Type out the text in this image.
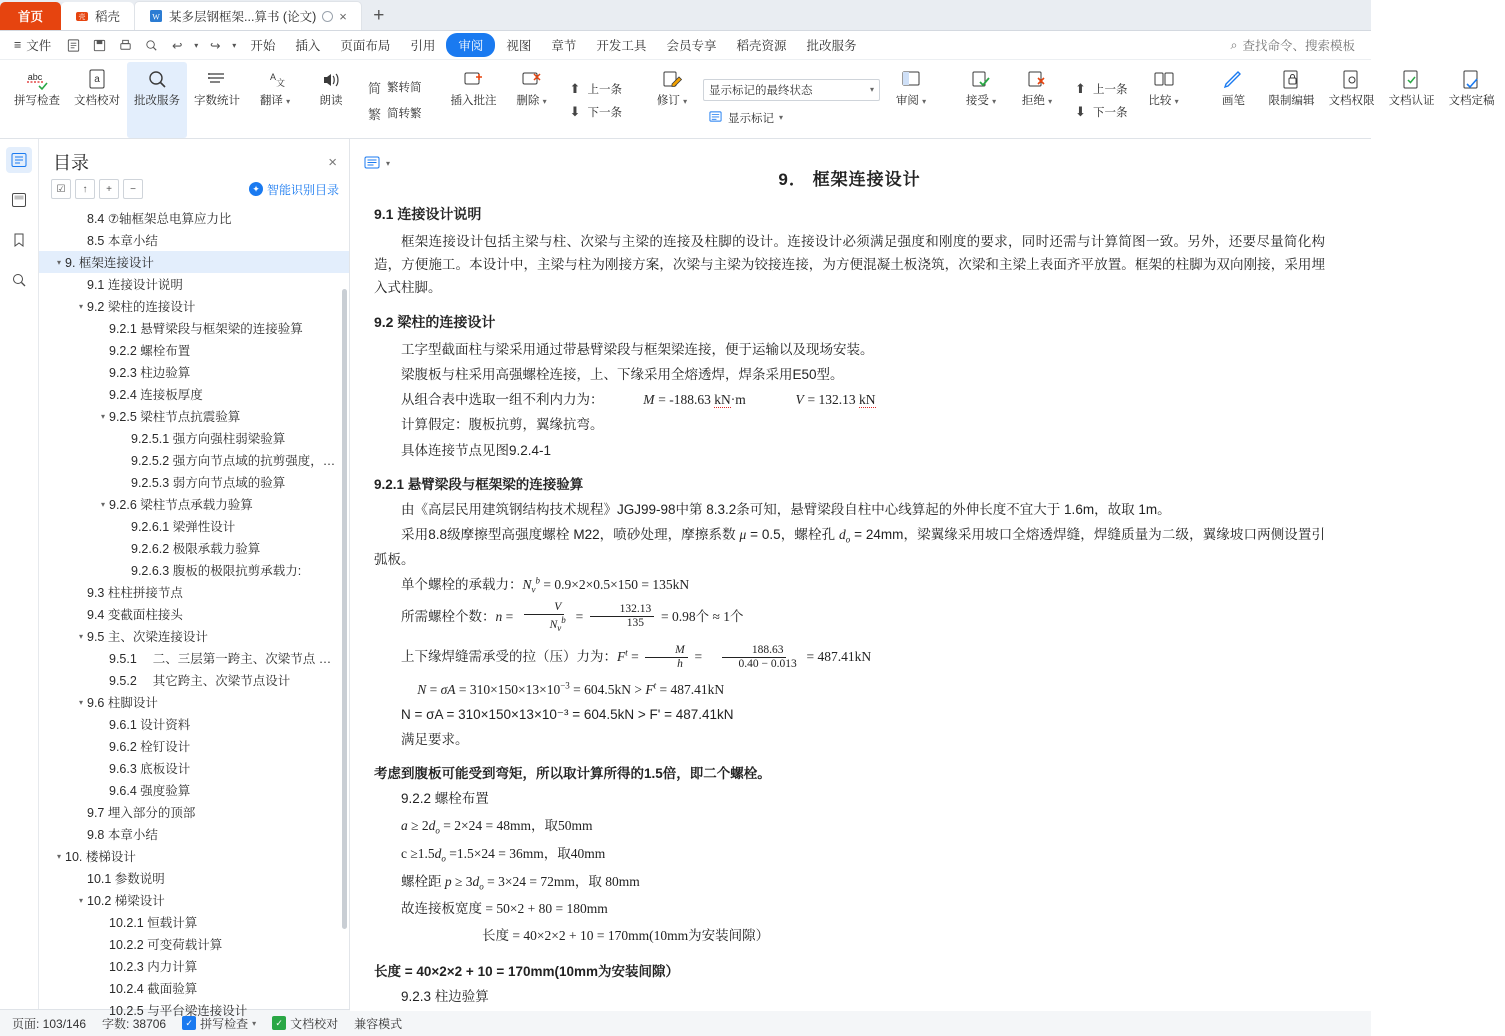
首页	壳 稻壳	W 某多层钢框架...算书 (论文) ×	+
≡ 文件	↩	▾ ↪	▾	开始	插入	页面布局	引用	审阅	视图	章节	开发工具	会员专享	稻壳资源	批改服务	⌕ 查找命令、搜索模板
abc
拼写检查
a
文档校对 批改服务 字数统计
A
文
翻译 ▾	朗读
简 繁转简
繁 简转繁
插入批注 删除 ▾
⬆ 上一条
⬇ 下一条
修订 ▾
显示标记的最终状态	▾
显示标记 ▾
审阅 ▾	接受 ▾ 拒绝 ▾
⬆ 上一条
⬇ 下一条
比较 ▾	画笔 限制编辑 文档权限 文档认证 文档定稿
目录	×
☑	↑	+	−	✦ 智能识别目录
8.4 ⑦轴框架总电算应力比
8.5 本章小结
▾ 9. 框架连接设计
9.1 连接设计说明
▾ 9.2 梁柱的连接设计
9.2.1 悬臂梁段与框架梁的连接验算
9.2.2 螺栓布置
9.2.3 柱边验算
9.2.4 连接板厚度
▾ 9.2.5 梁柱节点抗震验算
9.2.5.1 强方向强柱弱梁验算
9.2.5.2 强方向节点域的抗剪强度，…
9.2.5.3 弱方向节点域的验算
▾ 9.2.6 梁柱节点承载力验算
9.2.6.1 梁弹性设计
9.2.6.2 极限承载力验算
9.2.6.3 腹板的极限抗剪承载力:
9.3 柱柱拼接节点
9.4 变截面柱接头
▾ 9.5 主、次梁连接设计
9.5.1 　二、三层第一跨主、次梁节点 …
9.5.2 　其它跨主、次梁节点设计
▾ 9.6 柱脚设计
9.6.1 设计资料
9.6.2 栓钉设计
9.6.3 底板设计
9.6.4 强度验算
9.7 埋入部分的顶部
9.8 本章小结
▾ 10. 楼梯设计
10.1 参数说明
▾ 10.2 梯梁设计
10.2.1 恒载计算
10.2.2 可变荷载计算
10.2.3 内力计算
10.2.4 截面验算
10.2.5 与平台梁连接设计
▾
9． 框架连接设计
9.1 连接设计说明

框架连接设计包括主梁与柱、次梁与主梁的连接及柱脚的设计。连接设计必须满足强度和刚度的要求，同时还需与计算简图一致。另外，还要尽量简化构造，方便施工。本设计中，主梁与柱为刚接方案，次梁与主梁为铰接连接，为方便混凝土板浇筑，次梁和主梁上表面齐平放置。框架的柱脚为双向刚接，采用埋入式柱脚。

9.2 梁柱的连接设计

工字型截面柱与梁采用通过带悬臂梁段与框架梁连接，便于运输以及现场安装。

梁腹板与柱采用高强螺栓连接，上、下缘采用全熔透焊，焊条采用E50型。

从组合表中选取一组不利内力为：	M = -188.63 kN·m	V = 132.13 kN

计算假定：腹板抗剪，翼缘抗弯。

具体连接节点见图9.2.4-1

9.2.1 悬臂梁段与框架梁的连接验算

由《高层民用建筑钢结构技术规程》JGJ99-98中第 8.3.2条可知，悬臂梁段自柱中心线算起的外伸长度不宜大于 1.6m，故取 1m。

采用8.8级摩擦型高强度螺栓 M22，喷砂处理，摩擦系数 μ = 0.5，螺栓孔 $d_o = 24mm$，梁翼缘采用坡口全熔透焊缝，焊缝质量为二级，翼缘坡口两侧设置引弧板。

单个螺栓的承载力：$N_v^b = 0.9\times 2\times 0.5\times 150 = 135kN$

所需螺栓个数：$n = \frac{V}{N_v^b} = \frac{132.13}{135} = 0.98$个 ≈ 1个

上下缘焊缝需承受的拉（压）力为：$F^t = \frac{M}{h} = \frac{188.63}{0.40 - 0.013} = 487.41kN$

$N = \sigma A = 310\times 150\times 13\times 10^{-3} = 604.5kN > F^t = 487.41kN$

N = σA = 310×150×13×10⁻³ = 604.5kN > F' = 487.41kN

满足要求。

考虑到腹板可能受到弯矩，所以取计算所得的1.5倍，即二个螺栓。

9.2.2 螺栓布置

$a \ge 2d_o = 2\times 24 = 48mm$，取50mm

$c \ge 1.5d_o =1.5\times 24 = 36mm$，取40mm

螺栓距 $p \ge 3d_o = 3\times 24 = 72mm$，取 80mm

故连接板宽度 = 50×2 + 80 = 180mm

长度 = 40×2×2 + 10 = 170mm(10mm为安装间隙）

长度 = 40×2×2 + 10 = 170mm(10mm为安装间隙）

9.2.3 柱边验算

页面: 103/146 字数: 38706	✓ 拼写检查 ▾	✓ 文档校对 兼容模式
